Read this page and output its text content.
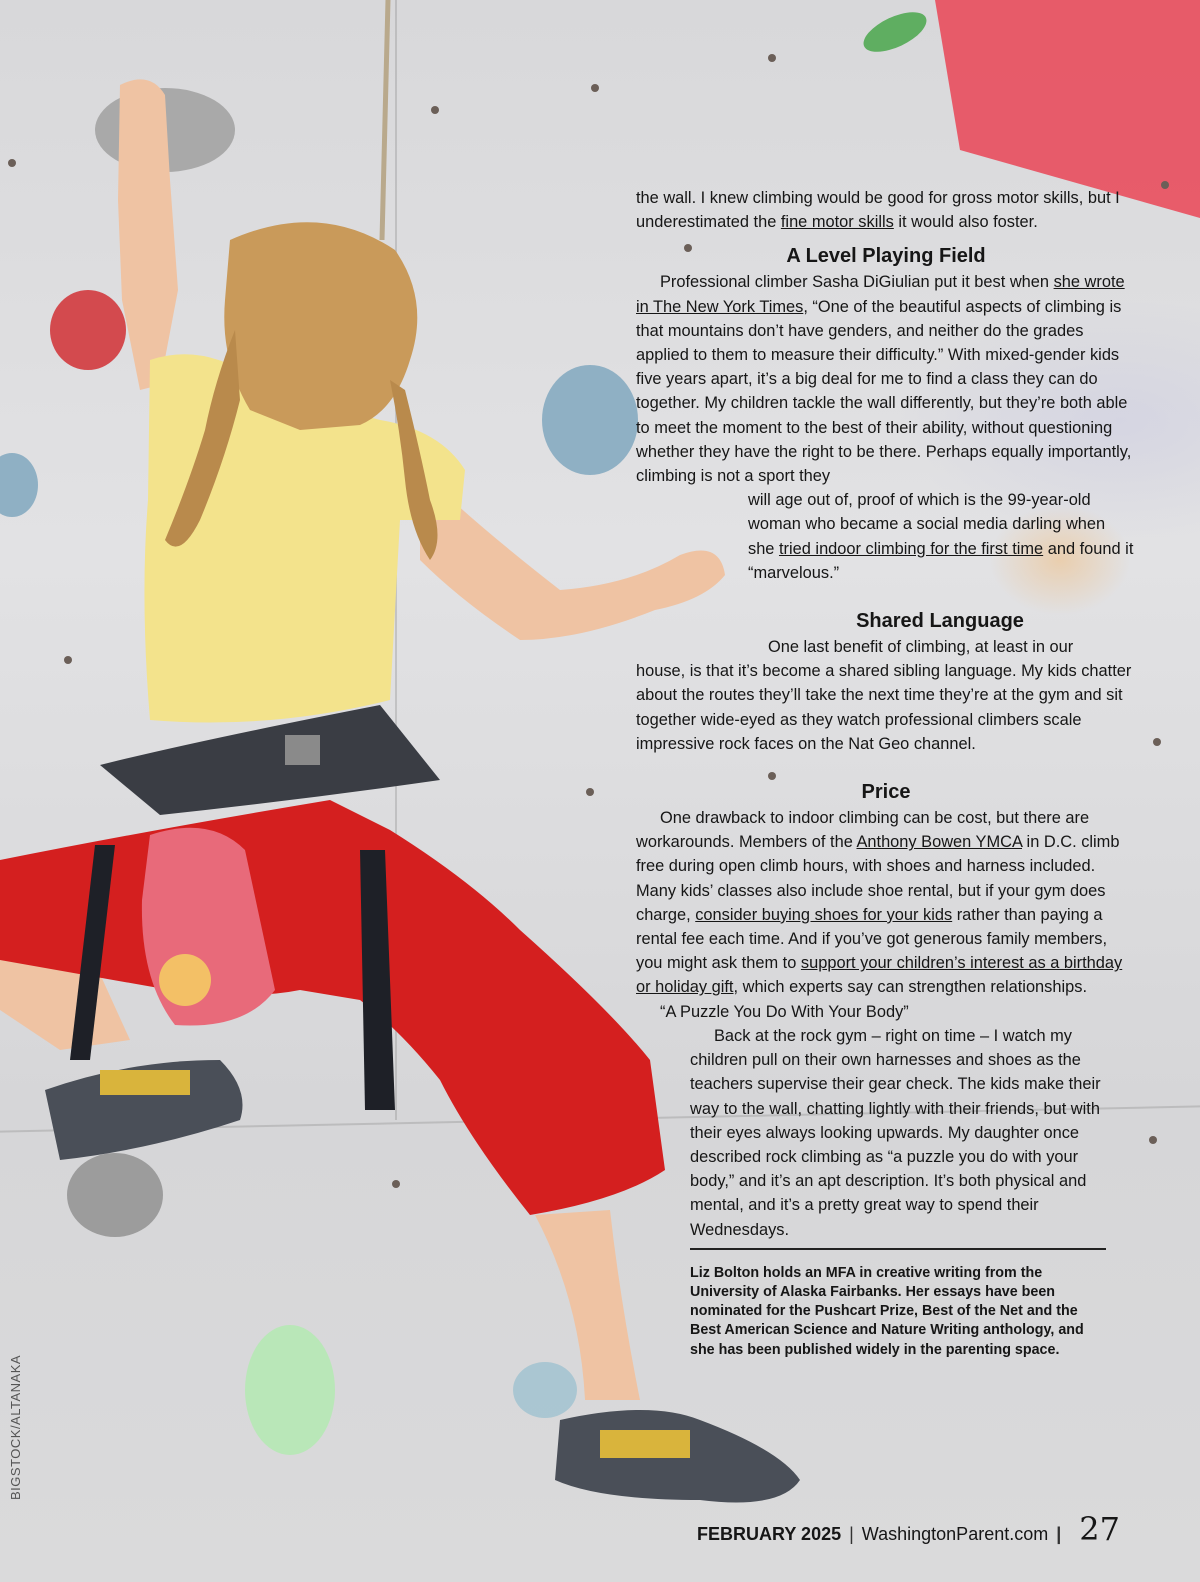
BIGSTOCK/ALTANAKA

the wall. I knew climbing would be good for gross motor skills, but I underestimated the fine motor skills it would also foster.

A Level Playing Field

Professional climber Sasha DiGiulian put it best when she wrote in The New York Times, “One of the beautiful aspects of climbing is that mountains don’t have genders, and neither do the grades applied to them to measure their difficulty.” With mixed-gender kids five years apart, it’s a big deal for me to find a class they can do together. My children tackle the wall differently, but they’re both able to meet the moment to the best of their ability, without questioning whether they have the right to be there. Perhaps equally importantly, climbing is not a sport they

will age out of, proof of which is the 99-year-old woman who became a social media darling when she tried indoor climbing for the first time and found it “marvelous.”

Shared Language

One last benefit of climbing, at least in our

house, is that it’s become a shared sibling language. My kids chatter about the routes they’ll take the next time they’re at the gym and sit together wide-eyed as they watch professional climbers scale impressive rock faces on the Nat Geo channel.

Price

One drawback to indoor climbing can be cost, but there are workarounds. Members of the Anthony Bowen YMCA in D.C. climb free during open climb hours, with shoes and harness included. Many kids’ classes also include shoe rental, but if your gym does charge, consider buying shoes for your kids rather than paying a rental fee each time. And if you’ve got generous family members, you might ask them to support your children’s interest as a birthday or holiday gift, which experts say can strengthen relationships.

“A Puzzle You Do With Your Body”

Back at the rock gym – right on time – I watch my children pull on their own harnesses and shoes as the teachers supervise their gear check. The kids make their way to the wall, chatting lightly with their friends, but with their eyes always looking upwards. My daughter once described rock climbing as “a puzzle you do with your body,” and it’s an apt description. It’s both physical and mental, and it’s a pretty great way to spend their Wednesdays.

Liz Bolton holds an MFA in creative writing from the University of Alaska Fairbanks. Her essays have been nominated for the Pushcart Prize, Best of the Net and the Best American Science and Nature Writing anthology, and she has been published widely in the parenting space.

FEBRUARY 2025 | WashingtonParent.com | 27
